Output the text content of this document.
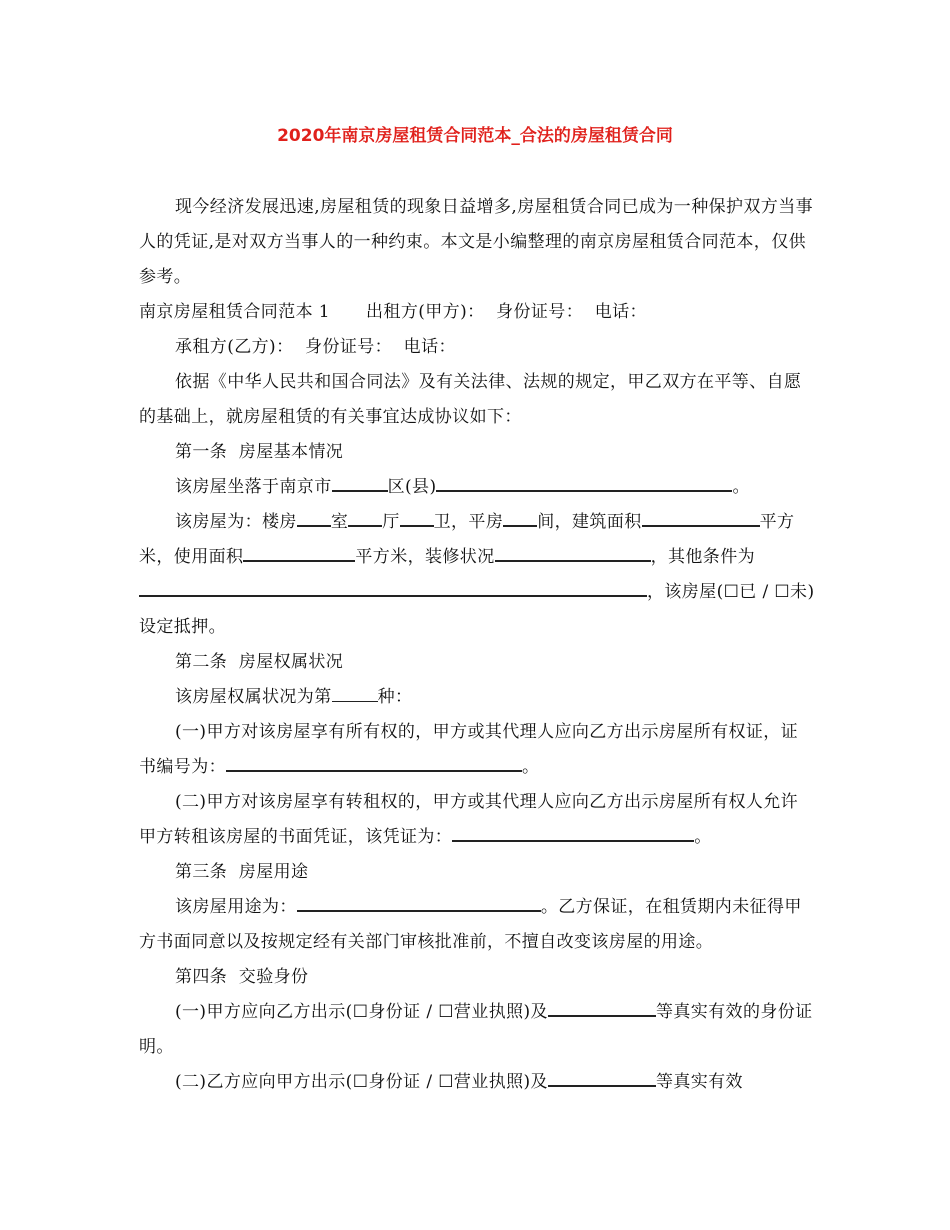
2020年南京房屋租赁合同范本_合法的房屋租赁合同

现今经济发展迅速,房屋租赁的现象日益增多,房屋租赁合同已成为一种保护双方当事人的凭证,是对双方当事人的一种约束。本文是小编整理的南京房屋租赁合同范本，仅供参考。

南京房屋租赁合同范本 1 出租方(甲方)：  身份证号：  电话：

承租方(乙方)：  身份证号：  电话：

依据《中华人民共和国合同法》及有关法律、法规的规定，甲乙双方在平等、自愿的基础上，就房屋租赁的有关事宜达成协议如下：

第一条  房屋基本情况

该房屋坐落于南京市	区(县)	。

该房屋为：楼房 室 厅 卫，平房 间，建筑面积	平方米，使用面积	平方米，装修状况	，其他条件为，该房屋(☐已 / ☐未)设定抵押。

第二条  房屋权属状况

该房屋权属状况为第	种：

(一)甲方对该房屋享有所有权的，甲方或其代理人应向乙方出示房屋所有权证，证书编号为：	。

(二)甲方对该房屋享有转租权的，甲方或其代理人应向乙方出示房屋所有权人允许甲方转租该房屋的书面凭证，该凭证为：	。

第三条  房屋用途

该房屋用途为：	。乙方保证，在租赁期内未征得甲方书面同意以及按规定经有关部门审核批准前，不擅自改变该房屋的用途。

第四条  交验身份

(一)甲方应向乙方出示(☐身份证 / ☐营业执照)及	等真实有效的身份证明。

(二)乙方应向甲方出示(☐身份证 / ☐营业执照)及	等真实有效
